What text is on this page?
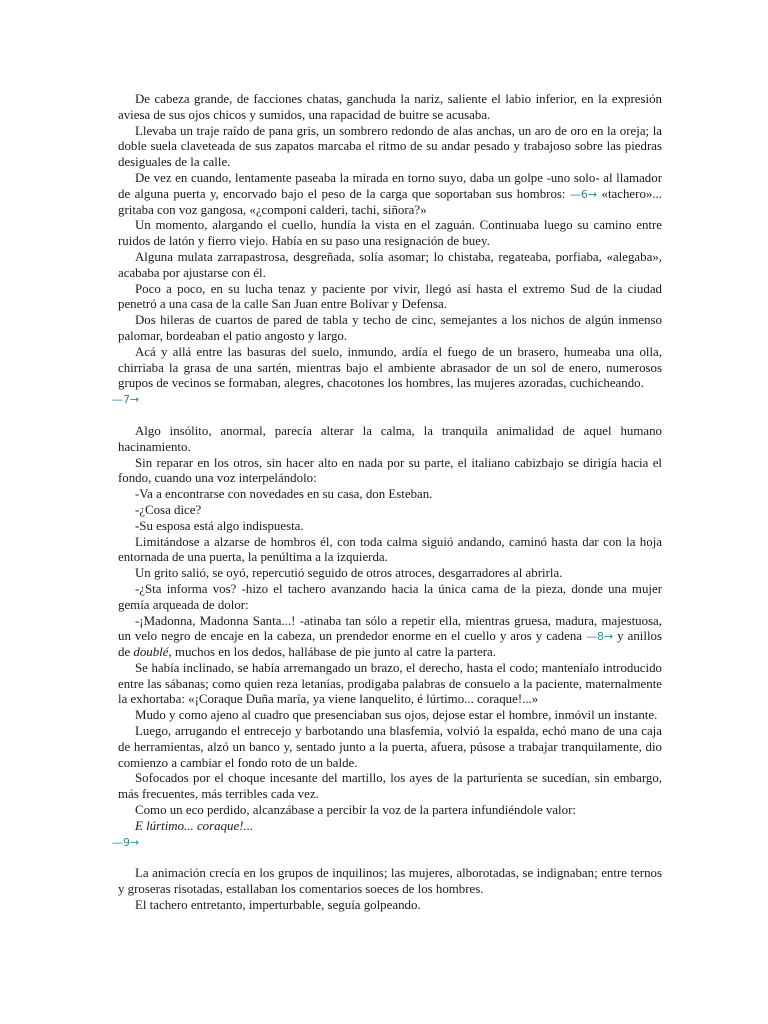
De cabeza grande, de facciones chatas, ganchuda la nariz, saliente el labio inferior, en la expresión aviesa de sus ojos chicos y sumidos, una rapacidad de buitre se acusaba.

Llevaba un traje raído de pana gris, un sombrero redondo de alas anchas, un aro de oro en la oreja; la doble suela claveteada de sus zapatos marcaba el ritmo de su andar pesado y trabajoso sobre las piedras desiguales de la calle.

De vez en cuando, lentamente paseaba la mirada en torno suyo, daba un golpe -uno solo- al llamador de alguna puerta y, encorvado bajo el peso de la carga que soportaban sus hombros: —6→ «tachero»... gritaba con voz gangosa, «¿componi calderi, tachi, siñora?»

Un momento, alargando el cuello, hundía la vista en el zaguán. Continuaba luego su camino entre ruidos de latón y fierro viejo. Había en su paso una resignación de buey.

Alguna mulata zarrapastrosa, desgreñada, solía asomar; lo chistaba, regateaba, porfiaba, «alegaba», acababa por ajustarse con él.

Poco a poco, en su lucha tenaz y paciente por vivir, llegó así hasta el extremo Sud de la ciudad penetró a una casa de la calle San Juan entre Bolívar y Defensa.

Dos hileras de cuartos de pared de tabla y techo de cinc, semejantes a los nichos de algún inmenso palomar, bordeaban el patio angosto y largo.

Acá y allá entre las basuras del suelo, inmundo, ardía el fuego de un brasero, humeaba una olla, chirriaba la grasa de una sartén, mientras bajo el ambiente abrasador de un sol de enero, numerosos grupos de vecinos se formaban, alegres, chacotones los hombres, las mujeres azoradas, cuchicheando.

—7→

Algo insólito, anormal, parecía alterar la calma, la tranquila animalidad de aquel humano hacinamiento.

Sin reparar en los otros, sin hacer alto en nada por su parte, el italiano cabizbajo se dirigía hacia el fondo, cuando una voz interpelándolo:

-Va a encontrarse con novedades en su casa, don Esteban.

-¿Cosa dice?

-Su esposa está algo indispuesta.

Limitándose a alzarse de hombros él, con toda calma siguió andando, caminó hasta dar con la hoja entornada de una puerta, la penúltima a la izquierda.

Un grito salió, se oyó, repercutió seguido de otros atroces, desgarradores al abrirla.

-¿Sta informa vos? -hizo el tachero avanzando hacia la única cama de la pieza, donde una mujer gemía arqueada de dolor:

-¡Madonna, Madonna Santa...! -atinaba tan sólo a repetir ella, mientras gruesa, madura, majestuosa, un velo negro de encaje en la cabeza, un prendedor enorme en el cuello y aros y cadena —8→ y anillos de doublé, muchos en los dedos, hallábase de pie junto al catre la partera.

Se había inclinado, se había arremangado un brazo, el derecho, hasta el codo; manteníalo introducido entre las sábanas; como quien reza letanías, prodigaba palabras de consuelo a la paciente, maternalmente la exhortaba: «¡Coraque Duña maría, ya viene lanquelito, é lúrtimo... coraque!...»

Mudo y como ajeno al cuadro que presenciaban sus ojos, dejose estar el hombre, inmóvil un instante.

Luego, arrugando el entrecejo y barbotando una blasfemia, volvió la espalda, echó mano de una caja de herramientas, alzó un banco y, sentado junto a la puerta, afuera, púsose a trabajar tranquilamente, dio comienzo a cambiar el fondo roto de un balde.

Sofocados por el choque incesante del martillo, los ayes de la parturienta se sucedían, sin embargo, más frecuentes, más terribles cada vez.

Como un eco perdido, alcanzábase a percibir la voz de la partera infundiéndole valor:

E lúrtimo... coraque!...

—9→

La animación crecía en los grupos de inquilinos; las mujeres, alborotadas, se indignaban; entre ternos y groseras risotadas, estallaban los comentarios soeces de los hombres.

El tachero entretanto, imperturbable, seguía golpeando.
